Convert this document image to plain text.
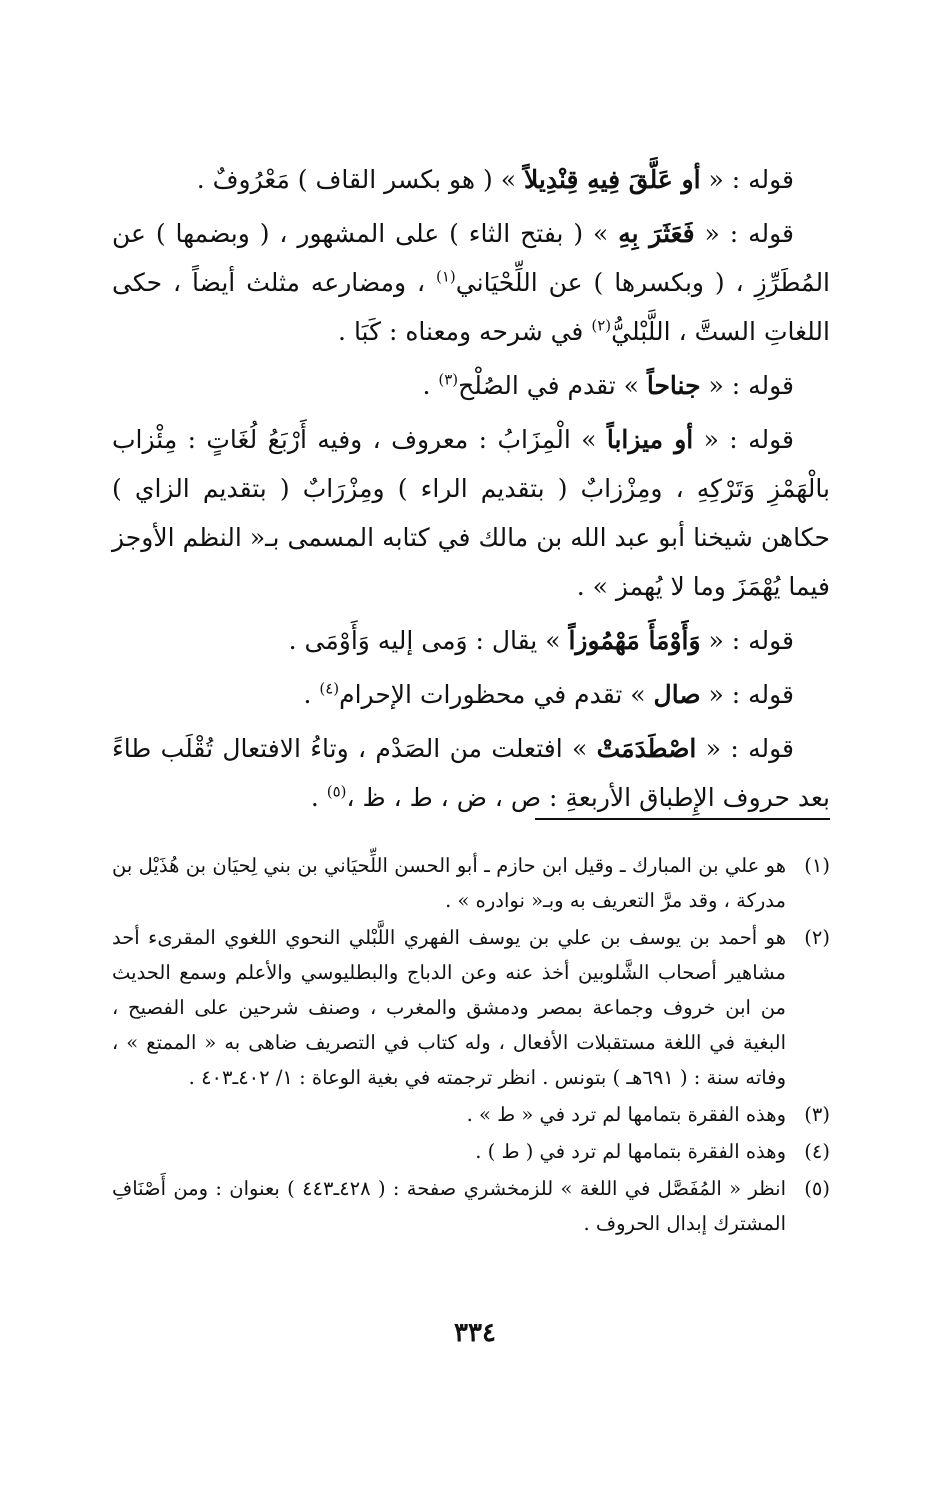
قوله : « أو عَلَّقَ فِيهِ قِنْدِيلاً » ( هو بكسر القاف ) مَعْرُوفٌ .

قوله : « فَعَثَرَ بِهِ » ( بفتح الثاء ) على المشهور ، ( وبضمها ) عن المُطَرِّزِ ، ( وبكسرها ) عن اللِّحْيَاني$^{(١)}$ ، ومضارعه مثلث أيضاً ، حكى اللغاتِ الستَّ ، اللَّبْليُّ$^{(٢)}$ في شرحه ومعناه : كَبَا .

قوله : « جناحاً » تقدم في الصُلْح$^{(٣)}$ .

قوله : « أو ميزاباً » الْمِزَابُ : معروف ، وفيه أَرْبَعُ لُغَاتٍ : مِئْزاب بالْهَمْزِ وَتَرْكِهِ ، ومِزْزابٌ ( بتقديم الراء ) ومِزْرَابٌ ( بتقديم الزاي ) حكاهن شيخنا أبو عبد الله بن مالك في كتابه المسمى بـ« النظم الأوجز فيما يُهْمَزَ وما لا يُهمز » .

قوله : « وَأَوْمَأَ مَهْمُوزاً » يقال : وَمى إليه وَأَوْمَى .

قوله : « صال » تقدم في محظورات الإحرام$^{(٤)}$ .

قوله : « اصْطَدَمَتْ » افتعلت من الصَدْم ، وتاءُ الافتعال تُقْلَب طاءً بعد حروف الإِطباق الأربعةِ : ص ، ض ، ط ، ظ ،$^{(٥)}$ .

(١)
هو علي بن المبارك ـ وقيل ابن حازم ـ أبو الحسن اللِّحيَاني بن بني لِحيَان بن هُذَيْل بن مدركة ، وقد مرَّ التعريف به وبـ« نوادره » .
(٢)
هو أحمد بن يوسف بن علي بن يوسف الفهري اللَّبْلي النحوي اللغوي المقرىء أحد مشاهير أصحاب الشَّلوبين أخذ عنه وعن الدباج والبطليوسي والأعلم وسمع الحديث من ابن خروف وجماعة بمصر ودمشق والمغرب ، وصنف شرحين على الفصيح ، البغية في اللغة مستقبلات الأفعال ، وله كتاب في التصريف ضاهى به « الممتع » ، وفاته سنة : ( ٦٩١هـ ) بتونس . انظر ترجمته في بغية الوعاة : ١/ ٤٠٢ـ٤٠٣ .
(٣)
وهذه الفقرة بتمامها لم ترد في « ط » .
(٤)
وهذه الفقرة بتمامها لم ترد في ( ط ) .
(٥)
انظر « المُفَصَّل في اللغة » للزمخشري صفحة : ( ٤٢٨ـ٤٤٣ ) بعنوان : ومن أَصْنَافِ المشترك إبدال الحروف .
٣٣٤
